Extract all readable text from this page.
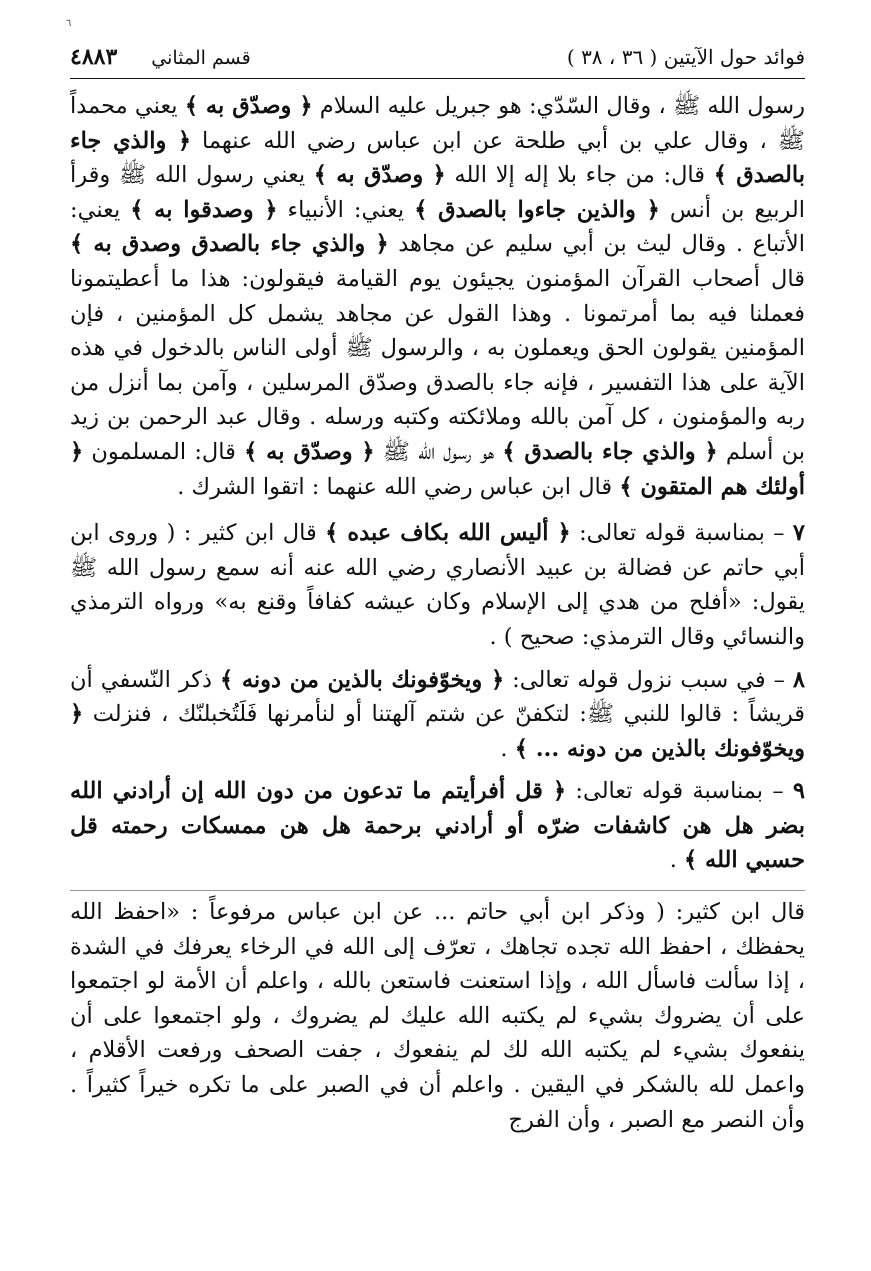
٦
فوائد حول الآيتين ( ٣٦ ، ٣٨ )
قسم المثاني
٤٨٨٣

رسول الله ﷺ ، وقال السّدّي: هو جبريل عليه السلام ﴿ وصدّق به ﴾ يعني محمداً ﷺ ، وقال علي بن أبي طلحة عن ابن عباس رضي الله عنهما ﴿ والذي جاء بالصدق ﴾ قال: من جاء بلا إله إلا الله ﴿ وصدّق به ﴾ يعني رسول الله ﷺ وقرأ الربيع بن أنس ﴿ والذين جاءوا بالصدق ﴾ يعني: الأنبياء ﴿ وصدقوا به ﴾ يعني: الأتباع . وقال ليث بن أبي سليم عن مجاهد ﴿ والذي جاء بالصدق وصدق به ﴾ قال أصحاب القرآن المؤمنون يجيئون يوم القيامة فيقولون: هذا ما أعطيتمونا فعملنا فيه بما أمرتمونا . وهذا القول عن مجاهد يشمل كل المؤمنين ، فإن المؤمنين يقولون الحق ويعملون به ، والرسول ﷺ أولى الناس بالدخول في هذه الآية على هذا التفسير ، فإنه جاء بالصدق وصدّق المرسلين ، وآمن بما أنزل من ربه والمؤمنون ، كل آمن بالله وملائكته وكتبه ورسله . وقال عبد الرحمن بن زيد بن أسلم ﴿ والذي جاء بالصدق ﴾ هو رسول الله ﷺ ﴿ وصدّق به ﴾ قال: المسلمون ﴿ أولئك هم المتقون ﴾ قال ابن عباس رضي الله عنهما : اتقوا الشرك .

٧ – بمناسبة قوله تعالى: ﴿ أليس الله بكاف عبده ﴾ قال ابن كثير : ( وروى ابن أبي حاتم عن فضالة بن عبيد الأنصاري رضي الله عنه أنه سمع رسول الله ﷺ يقول: «أفلح من هدي إلى الإسلام وكان عيشه كفافاً وقنع به» ورواه الترمذي والنسائي وقال الترمذي: صحيح ) .

٨ – في سبب نزول قوله تعالى: ﴿ ويخوّفونك بالذين من دونه ﴾ ذكر النّسفي أن قريشاً : قالوا للنبي ﷺ: لتكفنّ عن شتم آلهتنا أو لنأمرنها فَلَتُخبلنّك ، فنزلت ﴿ ويخوّفونك بالذين من دونه ... ﴾ .

٩ – بمناسبة قوله تعالى: ﴿ قل أفرأيتم ما تدعون من دون الله إن أرادني الله بضر هل هن كاشفات ضرّه أو أرادني برحمة هل هن ممسكات رحمته قل حسبي الله ﴾ .

قال ابن كثير: ( وذكر ابن أبي حاتم ... عن ابن عباس مرفوعاً : «احفظ الله يحفظك ، احفظ الله تجده تجاهك ، تعرّف إلى الله في الرخاء يعرفك في الشدة ، إذا سألت فاسأل الله ، وإذا استعنت فاستعن بالله ، واعلم أن الأمة لو اجتمعوا على أن يضروك بشيء لم يكتبه الله عليك لم يضروك ، ولو اجتمعوا على أن ينفعوك بشيء لم يكتبه الله لك لم ينفعوك ، جفت الصحف ورفعت الأقلام ، واعمل لله بالشكر في اليقين . واعلم أن في الصبر على ما تكره خيراً كثيراً . وأن النصر مع الصبر ، وأن الفرج
